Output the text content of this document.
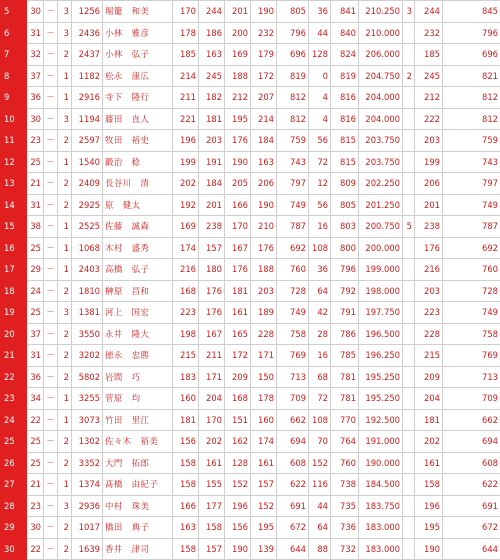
5	30	－	3	1256	堀籠　和美	170	244	201	190	805	36	841	210.250	3	244	845
6	31	－	3	2436	小林　雅彦	178	186	200	232	796	44	840	210.000		232	796
7	32	－	2	2437	小林　弘子	185	163	169	179	696	128	824	206.000		185	696
8	37	－	1	1182	松永　康広	214	245	188	172	819	0	819	204.750	2	245	821
9	36	－	1	2916	寺下　隆行	211	182	212	207	812	4	816	204.000		212	812
10	30	－	3	1194	藤田　直人	221	181	195	214	812	4	816	204.000		222	812
11	23	－	2	2597	牧田　裕史	196	203	176	184	759	56	815	203.750		203	759
12	25	－	1	1540	鍛治　稔	199	191	190	163	743	72	815	203.750		199	743
13	21	－	2	2409	長谷川　清	202	184	205	206	797	12	809	202.250		206	797
14	31	－	2	2925	原　健太	192	201	166	190	749	56	805	201.250		201	749
15	38	－	1	2525	佐藤　誠森	169	238	170	210	787	16	803	200.750	5	238	787
16	25	－	1	1068	木村　盛秀	174	157	167	176	692	108	800	200.000		176	692
17	29	－	1	2403	高橋　弘子	216	180	176	188	760	36	796	199.000		216	760
18	24	－	2	1810	榊原　昌和	168	176	181	203	728	64	792	198.000		203	728
19	25	－	3	1381	河上　国宏	223	176	161	189	749	42	791	197.750		223	749
20	37	－	2	3550	永井　隆大	198	167	165	228	758	28	786	196.500		228	758
21	31	－	2	3202	徳永　忠勝	215	211	172	171	769	16	785	196.250		215	769
22	36	－	2	5802	岩間　巧	183	171	209	150	713	68	781	195.250		209	713
23	34	－	1	3255	菅原　均	160	204	168	178	709	72	781	195.250		204	709
24	22	－	1	3073	竹田　里江	181	170	151	160	662	108	770	192.500		181	662
25	25	－	2	1302	佐々木　裕美	156	202	162	174	694	70	764	191.000		202	694
26	25	－	2	3352	大門　拓郎	158	161	128	161	608	152	760	190.000		161	608
27	21	－	1	1374	髙橋　由紀子	158	155	152	157	622	116	738	184.500		158	622
28	23	－	3	2936	中村　珠美	166	177	196	152	691	44	735	183.750		196	691
29	30	－	2	1017	橋田　典子	163	158	156	195	672	64	736	183.000		195	672
30	22	－	2	1639	香井　津司	158	157	190	139	644	88	732	183.000		190	644
